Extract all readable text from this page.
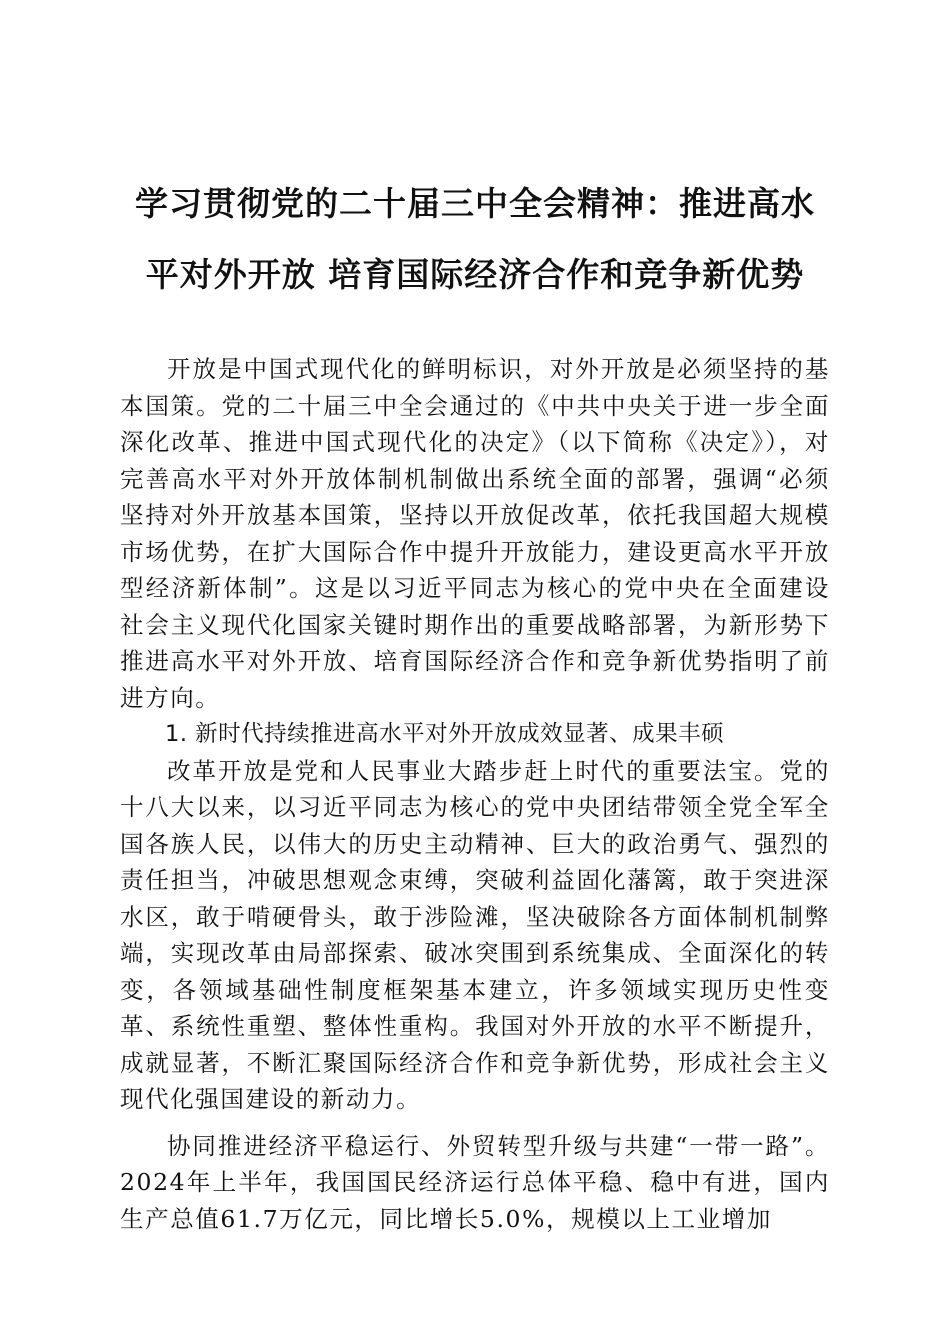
学习贯彻党的二十届三中全会精神：推进高水
平对外开放 培育国际经济合作和竞争新优势

开放是中国式现代化的鲜明标识，对外开放是必须坚持的基本国策。党的二十届三中全会通过的《中共中央关于进一步全面深化改革、推进中国式现代化的决定》（以下简称《决定》），对完善高水平对外开放体制机制做出系统全面的部署，强调“必须坚持对外开放基本国策，坚持以开放促改革，依托我国超大规模市场优势，在扩大国际合作中提升开放能力，建设更高水平开放型经济新体制”。这是以习近平同志为核心的党中央在全面建设社会主义现代化国家关键时期作出的重要战略部署，为新形势下推进高水平对外开放、培育国际经济合作和竞争新优势指明了前进方向。

1. 新时代持续推进高水平对外开放成效显著、成果丰硕

改革开放是党和人民事业大踏步赶上时代的重要法宝。党的十八大以来，以习近平同志为核心的党中央团结带领全党全军全国各族人民，以伟大的历史主动精神、巨大的政治勇气、强烈的责任担当，冲破思想观念束缚，突破利益固化藩篱，敢于突进深水区，敢于啃硬骨头，敢于涉险滩，坚决破除各方面体制机制弊端，实现改革由局部探索、破冰突围到系统集成、全面深化的转变，各领域基础性制度框架基本建立，许多领域实现历史性变革、系统性重塑、整体性重构。我国对外开放的水平不断提升，成就显著，不断汇聚国际经济合作和竞争新优势，形成社会主义现代化强国建设的新动力。

协同推进经济平稳运行、外贸转型升级与共建“一带一路”。2024年上半年，我国国民经济运行总体平稳、稳中有进，国内生产总值61.7万亿元，同比增长5.0%，规模以上工业增加
